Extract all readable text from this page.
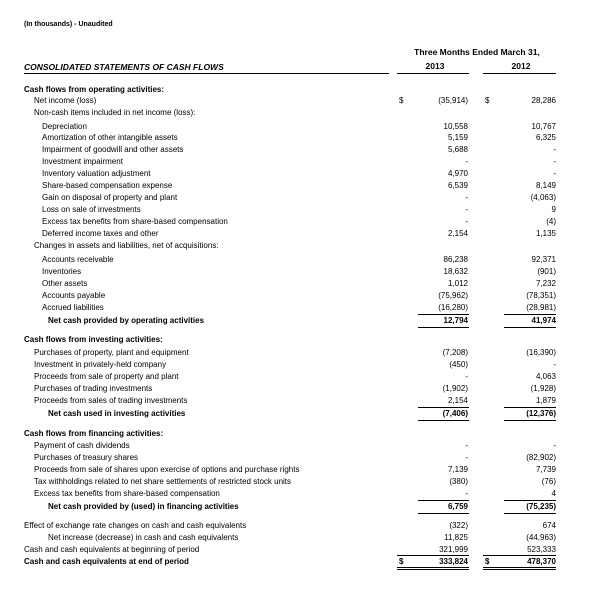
(In thousands) - Unaudited
Three Months Ended March 31,
2013	2012
CONSOLIDATED STATEMENTS OF CASH FLOWS
Cash flows from operating activities:
Net income (loss)	$	(35,914) $	28,286
Non-cash items included in net income (loss):
Depreciation	10,558	10,767
Amortization of other intangible assets	5,159	6,325
Impairment of goodwill and other assets	5,688	-
Investment impairment	-	-
Inventory valuation adjustment	4,970	-
Share-based compensation expense	6,539	8,149
Gain on disposal of property and plant	-	(4,063)
Loss on sale of investments	-	9
Excess tax benefits from share-based compensation	-	(4)
Deferred income taxes and other	2,154	1,135
Changes in assets and liabilities, net of acquisitions:
Accounts receivable	86,238	92,371
Inventories	18,632	(901)
Other assets	1,012	7,232
Accounts payable	(75,962)	(78,351)
Accrued liabilities	(16,280)	(28,981)
Net cash provided by operating activities	12,794	41,974
Cash flows from investing activities:
Purchases of property, plant and equipment	(7,208)	(16,390)
Investment in privately-held company	(450)	-
Proceeds from sale of property and plant	-	4,063
Purchases of trading investments	(1,902)	(1,928)
Proceeds from sales of trading investments	2,154	1,879
Net cash used in investing activities	(7,406)	(12,376)
Cash flows from financing activities:
Payment of cash dividends	-	-
Purchases of treasury shares	-	(82,902)
Proceeds from sale of shares upon exercise of options and purchase rights	7,139	7,739
Tax withholdings related to net share settlements of restricted stock units	(380)	(76)
Excess tax benefits from share-based compensation	-	4
Net cash provided by (used) in financing activities	6,759	(75,235)
Effect of exchange rate changes on cash and cash equivalents	(322)	674
Net increase (decrease) in cash and cash equivalents	11,825	(44,963)
Cash and cash equivalents at beginning of period	321,999	523,333
Cash and cash equivalents at end of period	$	333,824 $	478,370
